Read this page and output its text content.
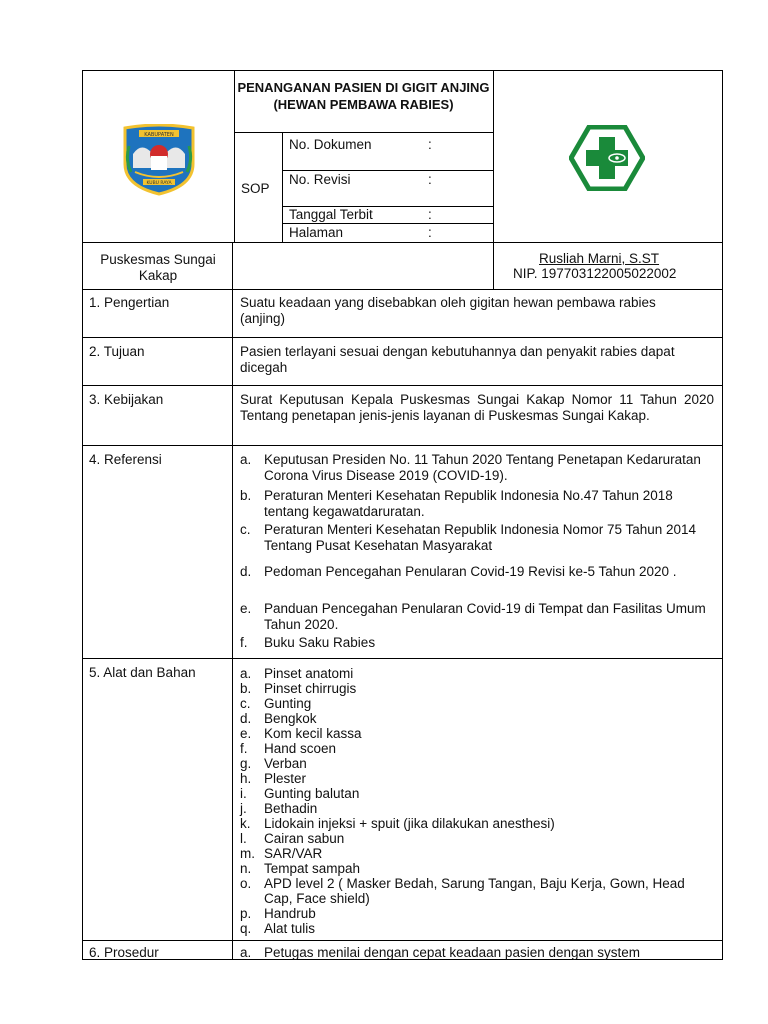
KABUPATEN
KUBU RAYA
PENANGANAN PASIEN DI GIGIT ANJING (HEWAN PEMBAWA RABIES)
SOP
No. Dokumen	:
No. Revisi	:
Tanggal Terbit	:
Halaman	:
Puskesmas Sungai Kakap
Rusliah Marni, S.ST
NIP. 197703122005022002
1. Pengertian	Suatu keadaan yang disebabkan oleh gigitan hewan pembawa rabies (anjing)
2. Tujuan	Pasien terlayani sesuai dengan kebutuhannya dan penyakit rabies dapat dicegah
3. Kebijakan	Surat Keputusan Kepala Puskesmas Sungai Kakap Nomor 11 Tahun 2020 Tentang penetapan jenis-jenis layanan di Puskesmas Sungai Kakap.
4. Referensi	a. Keputusan Presiden No. 11 Tahun 2020 Tentang Penetapan Kedaruratan Corona Virus Disease 2019 (COVID-19).
b. Peraturan Menteri Kesehatan Republik Indonesia No.47 Tahun 2018 tentang kegawatdaruratan.
c. Peraturan Menteri Kesehatan Republik Indonesia Nomor 75 Tahun 2014 Tentang Pusat Kesehatan Masyarakat
d. Pedoman Pencegahan Penularan Covid-19 Revisi ke-5 Tahun 2020 .
e. Panduan Pencegahan Penularan Covid-19 di Tempat dan Fasilitas Umum Tahun 2020.
f.	Buku Saku Rabies
5. Alat dan Bahan	a. Pinset anatomi
b. Pinset chirrugis
c. Gunting
d. Bengkok
e. Kom kecil kassa
f.	Hand scoen
g. Verban
h. Plester
i.	Gunting balutan
j.	Bethadin
k. Lidokain injeksi + spuit (jika dilakukan anesthesi)
l.	Cairan sabun
m. SAR/VAR
n. Tempat sampah
o. APD level 2 ( Masker Bedah, Sarung Tangan, Baju Kerja, Gown, Head Cap, Face shield)
p. Handrub
q. Alat tulis
6. Prosedur	a. Petugas menilai dengan cepat keadaan pasien dengan system
